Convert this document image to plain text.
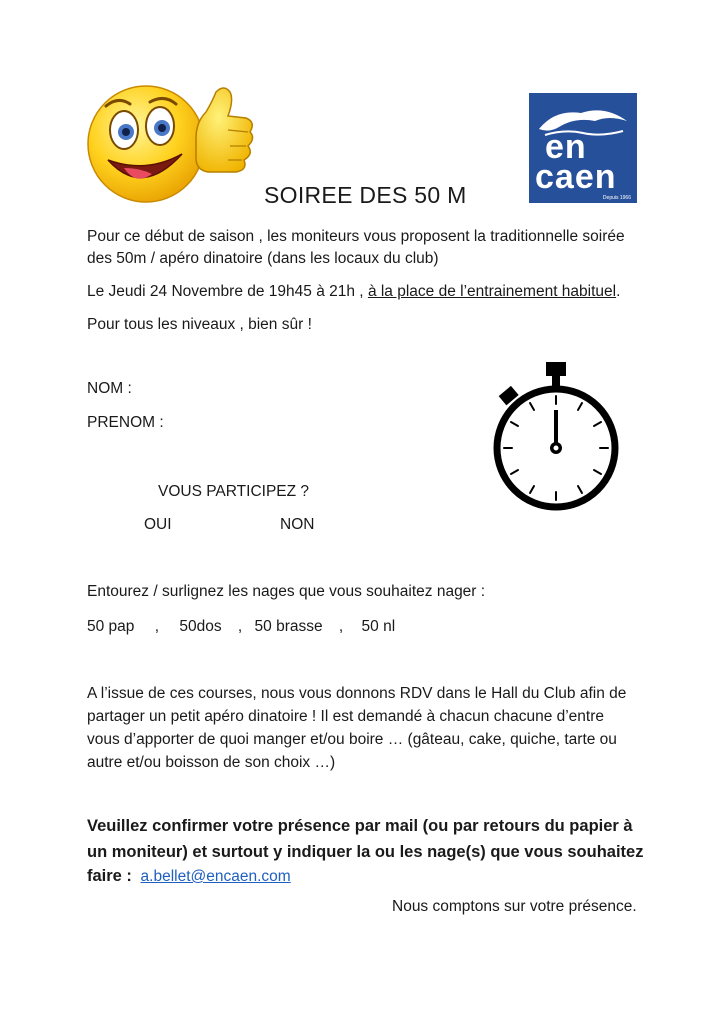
en
caen
Depuis 1966
SOIREE DES 50 M
Pour ce début de saison , les moniteurs vous proposent la traditionnelle soirée
des 50m / apéro dinatoire (dans les locaux du club)
Le Jeudi 24 Novembre de 19h45 à 21h , à la place de l’entrainement habituel.
Pour tous les niveaux , bien sûr !
NOM :
PRENOM :
VOUS PARTICIPEZ ?
OUI	NON
Entourez / surlignez les nages que vous souhaitez nager :
50 pap , 50dos , 50 brasse , 50 nl
A l’issue de ces courses, nous vous donnons RDV dans le Hall du Club afin de
partager un petit apéro dinatoire ! Il est demandé à chacun chacune d’entre
vous d’apporter de quoi manger et/ou boire … (gâteau, cake, quiche, tarte ou
autre et/ou boisson de son choix …)
Veuillez confirmer votre présence par mail (ou par retours du papier à
un moniteur) et surtout y indiquer la ou les nage(s) que vous souhaitez
faire : a.bellet@encaen.com
Nous comptons sur votre présence.
